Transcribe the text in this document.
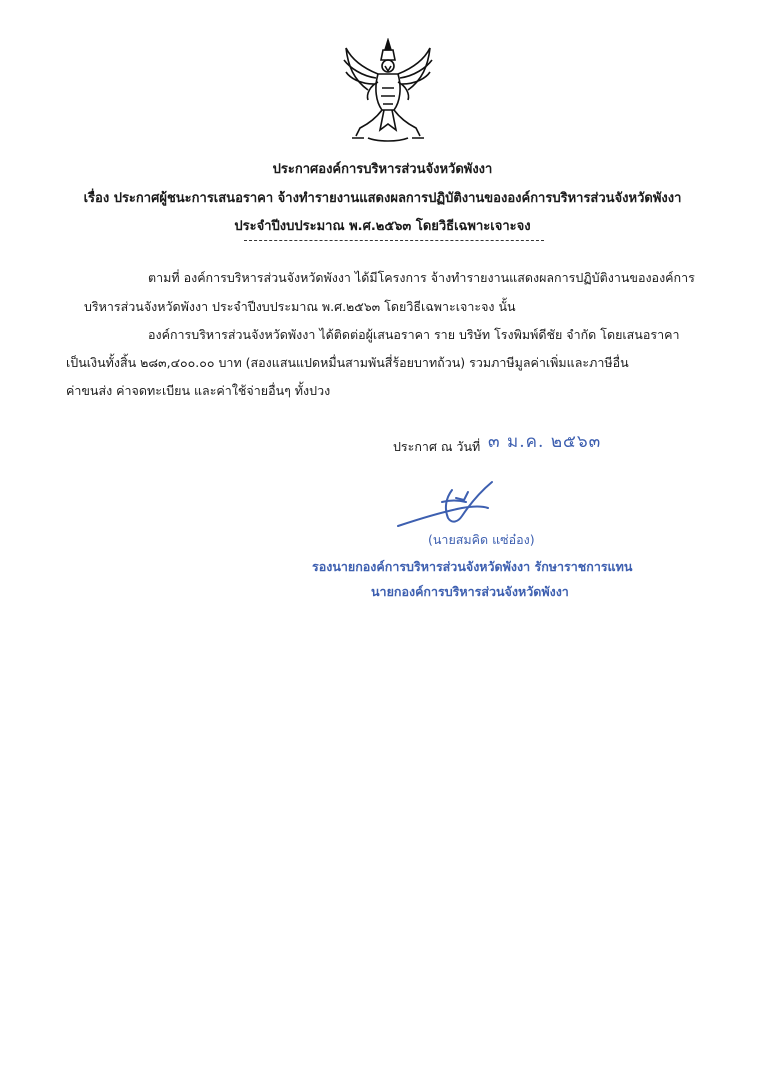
ประกาศองค์การบริหารส่วนจังหวัดพังงา
เรื่อง ประกาศผู้ชนะการเสนอราคา จ้างทำรายงานแสดงผลการปฏิบัติงานขององค์การบริหารส่วนจังหวัดพังงา
ประจำปีงบประมาณ พ.ศ.๒๕๖๓ โดยวิธีเฉพาะเจาะจง
ตามที่ องค์การบริหารส่วนจังหวัดพังงา ได้มีโครงการ จ้างทำรายงานแสดงผลการปฏิบัติงานขององค์การ
บริหารส่วนจังหวัดพังงา ประจำปีงบประมาณ พ.ศ.๒๕๖๓ โดยวิธีเฉพาะเจาะจง นั้น
องค์การบริหารส่วนจังหวัดพังงา ได้ติดต่อผู้เสนอราคา ราย บริษัท โรงพิมพ์ดีชัย จำกัด โดยเสนอราคา
เป็นเงินทั้งสิ้น ๒๘๓,๔๐๐.๐๐ บาท (สองแสนแปดหมื่นสามพันสี่ร้อยบาทถ้วน) รวมภาษีมูลค่าเพิ่มและภาษีอื่น
ค่าขนส่ง ค่าจดทะเบียน และค่าใช้จ่ายอื่นๆ ทั้งปวง
ประกาศ ณ วันที่ ๓ ม.ค. ๒๕๖๓
(นายสมคิด แซ่อ๋อง)
รองนายกองค์การบริหารส่วนจังหวัดพังงา รักษาราชการแทน
นายกองค์การบริหารส่วนจังหวัดพังงา
